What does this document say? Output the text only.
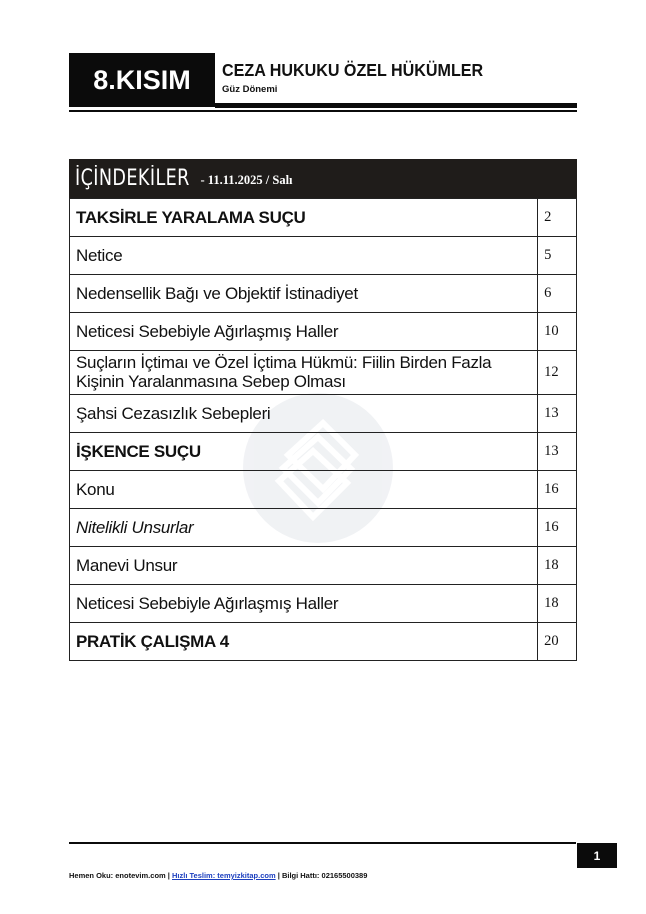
8.KISIM CEZA HUKUKU ÖZEL HÜKÜMLER
Güz Dönemi
İÇİNDEKİLER - 11.11.2025 / Salı
TAKSİRLE YARALAMA SUÇU	2
Netice	5
Nedensellik Bağı ve Objektif İstinadiyet	6
Neticesi Sebebiyle Ağırlaşmış Haller	10
Suçların İçtimaı ve Özel İçtima Hükmü: Fiilin Birden Fazla Kişinin Yaralanmasına Sebep Olması	12
Şahsi Cezasızlık Sebepleri	13
İŞKENCE SUÇU	13
Konu	16
Nitelikli Unsurlar	16
Manevi Unsur	18
Neticesi Sebebiyle Ağırlaşmış Haller	18
PRATİK ÇALIŞMA 4	20
1
Hemen Oku: enotevim.com | Hızlı Teslim: temyizkitap.com | Bilgi Hattı: 02165500389
